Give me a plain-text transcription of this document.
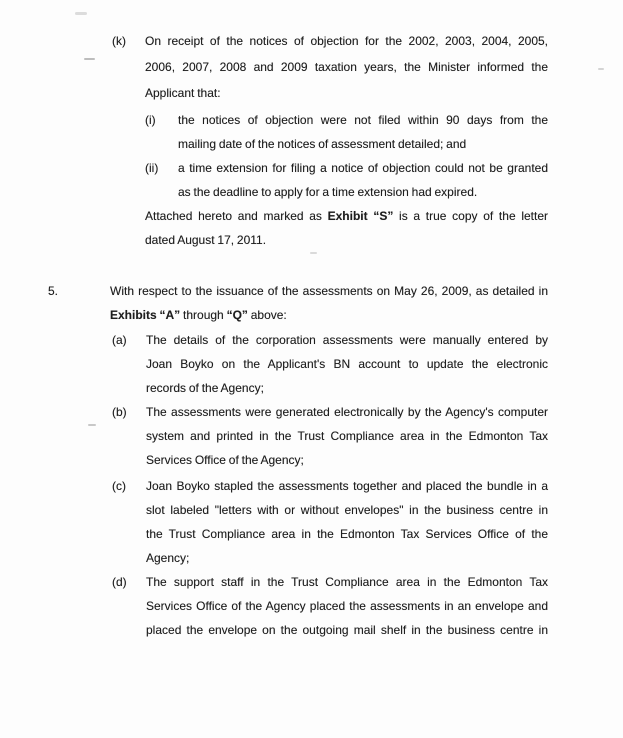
(k) On receipt of the notices of objection for the 2002, 2003, 2004, 2005,
2006, 2007, 2008 and 2009 taxation years, the Minister informed the
Applicant that:
(i) the notices of objection were not filed within 90 days from the
mailing date of the notices of assessment detailed; and
(ii) a time extension for filing a notice of objection could not be granted
as the deadline to apply for a time extension had expired.
Attached hereto and marked as Exhibit “S” is a true copy of the letter
dated August 17, 2011.
5.	With respect to the issuance of the assessments on May 26, 2009, as detailed in
Exhibits “A” through “Q” above:
(a) The details of the corporation assessments were manually entered by
Joan Boyko on the Applicant's BN account to update the electronic
records of the Agency;
(b) The assessments were generated electronically by the Agency's computer
system and printed in the Trust Compliance area in the Edmonton Tax
Services Office of the Agency;
(c) Joan Boyko stapled the assessments together and placed the bundle in a
slot labeled "letters with or without envelopes" in the business centre in
the Trust Compliance area in the Edmonton Tax Services Office of the
Agency;
(d) The support staff in the Trust Compliance area in the Edmonton Tax
Services Office of the Agency placed the assessments in an envelope and
placed the envelope on the outgoing mail shelf in the business centre in
